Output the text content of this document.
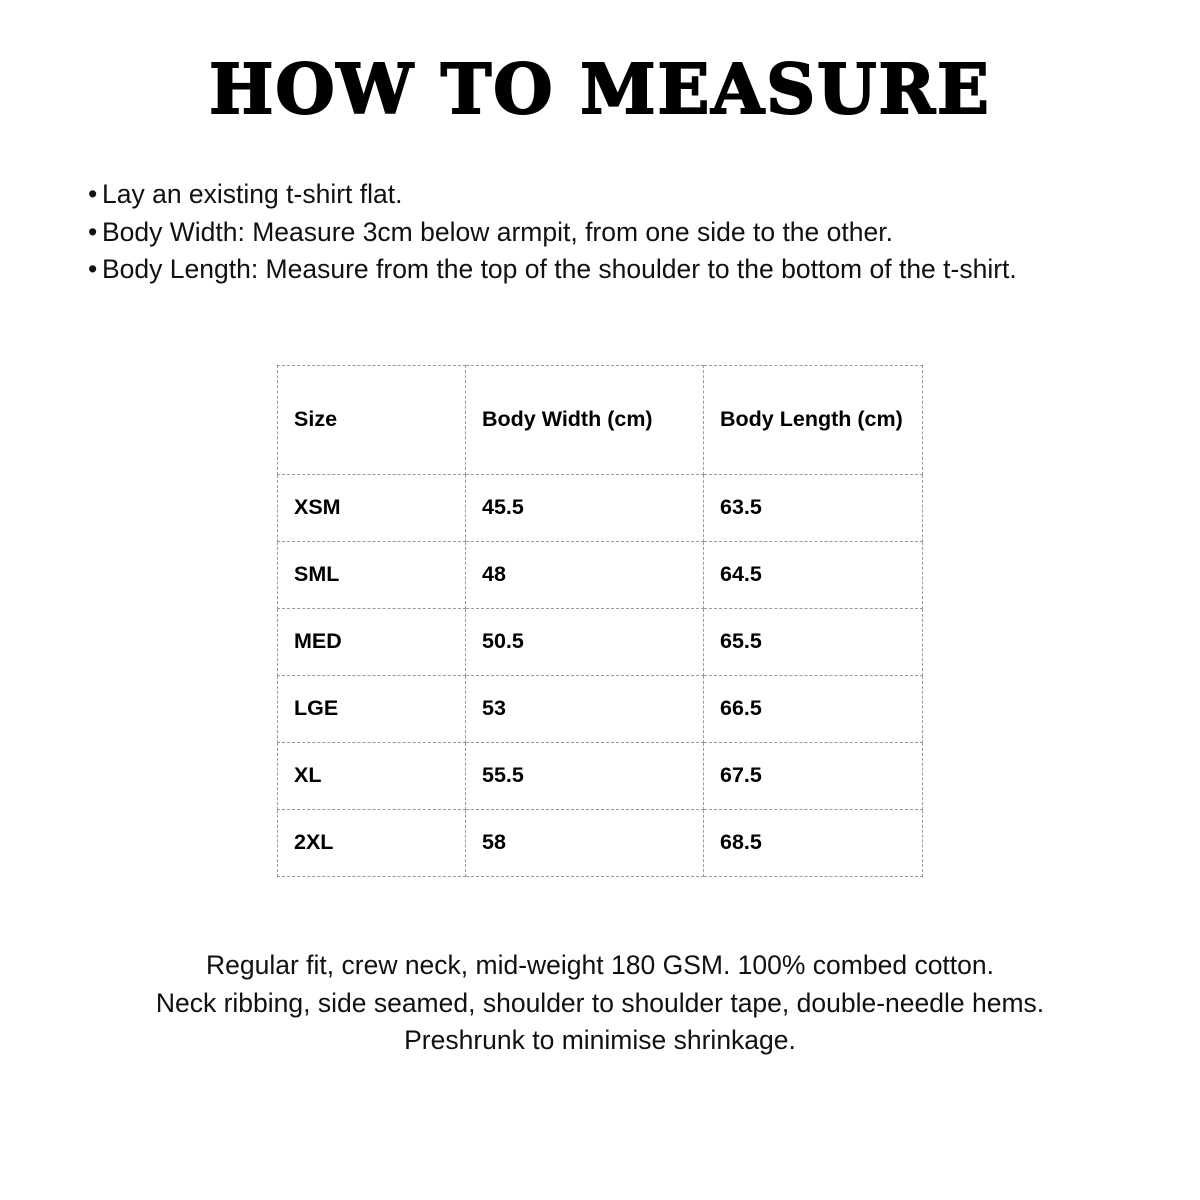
HOW TO MEASURE
• Lay an existing t-shirt flat.
• Body Width: Measure 3cm below armpit, from one side to the other.
• Body Length: Measure from the top of the shoulder to the bottom of the t-shirt.
Size	Body Width (cm)	Body Length (cm)
XSM	45.5	63.5
SML	48	64.5
MED	50.5	65.5
LGE	53	66.5
XL	55.5	67.5
2XL	58	68.5
Regular fit, crew neck, mid-weight 180 GSM. 100% combed cotton.
Neck ribbing, side seamed, shoulder to shoulder tape, double-needle hems.
Preshrunk to minimise shrinkage.
